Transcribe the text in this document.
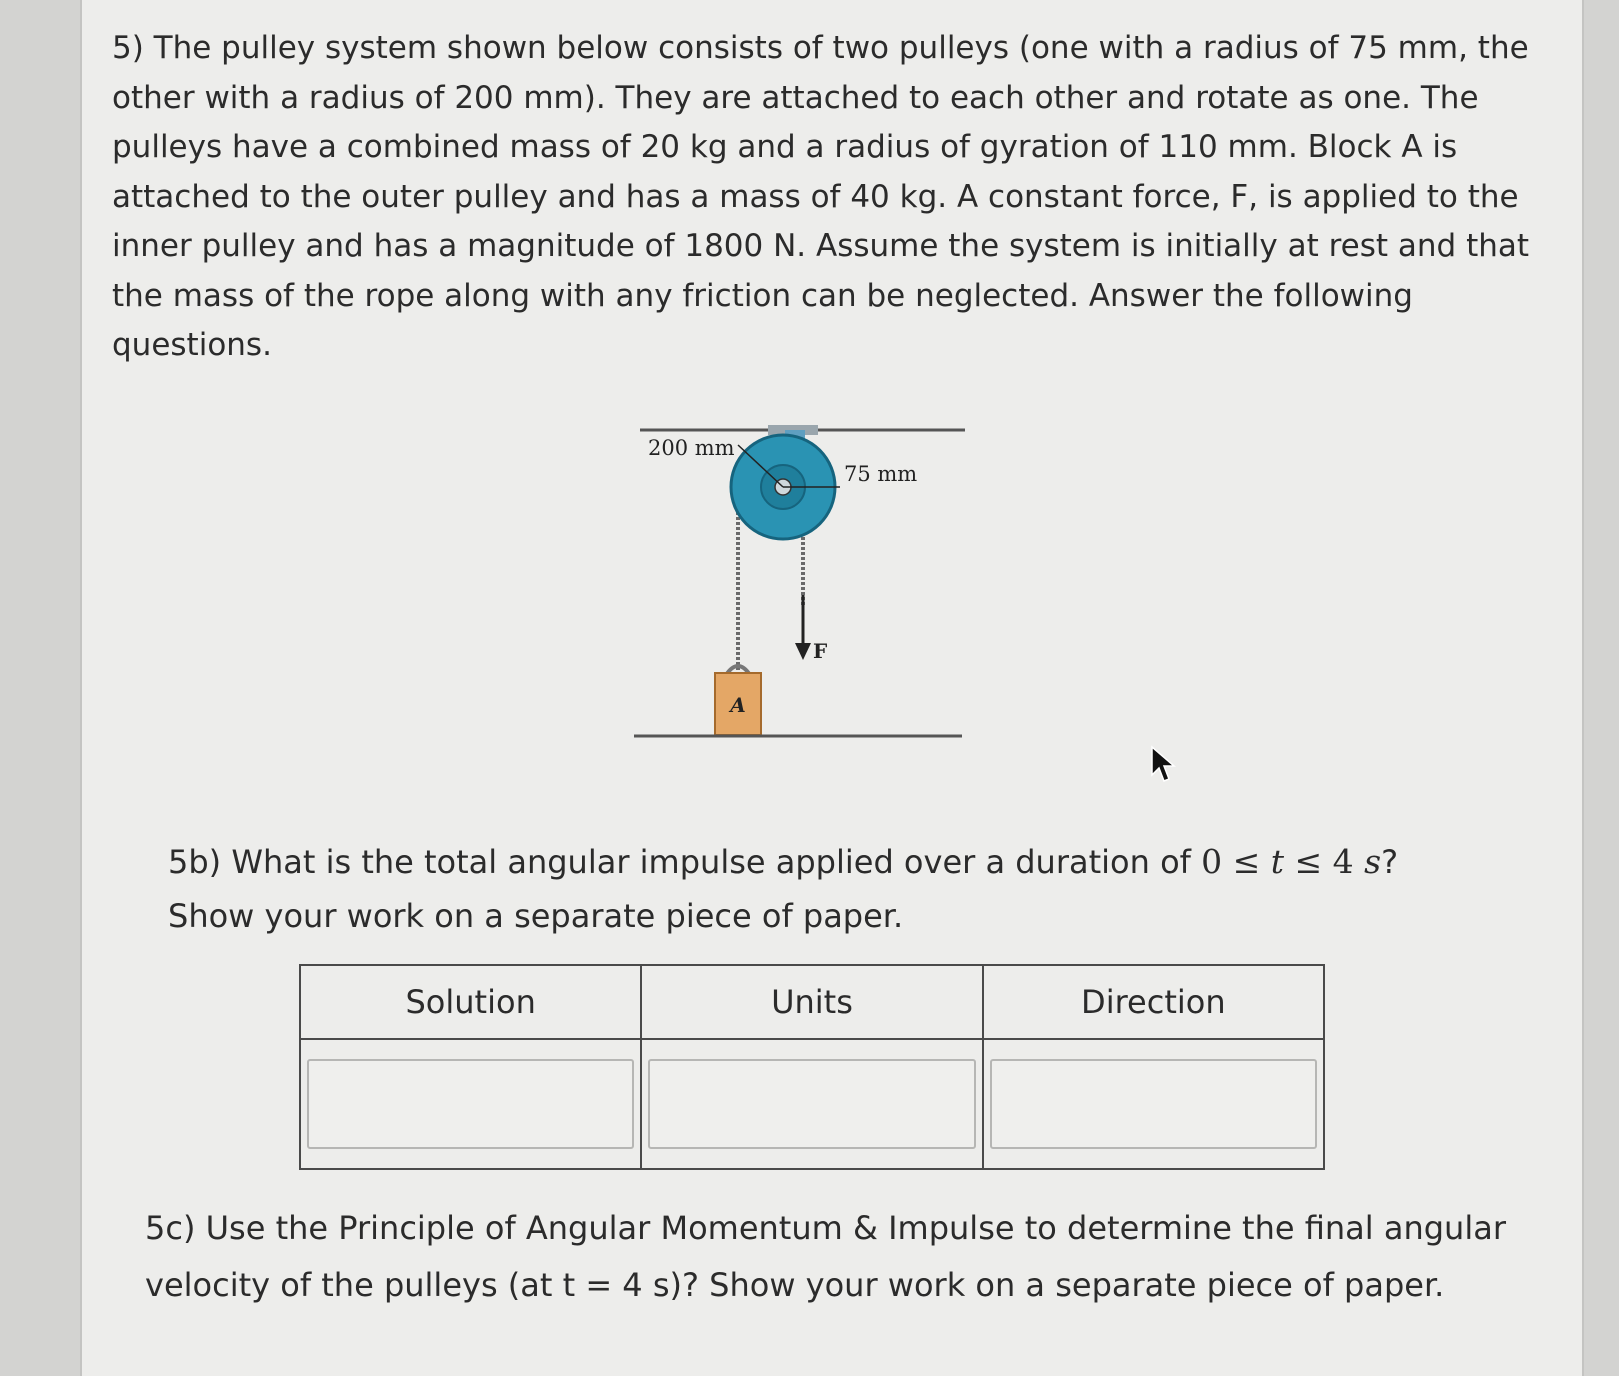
5) The pulley system shown below consists of two pulleys (one with a radius of 75 mm, the other with a radius of 200 mm). They are attached to each other and rotate as one. The pulleys have a combined mass of 20 kg and a radius of gyration of 110 mm. Block A is attached to the outer pulley and has a mass of 40 kg. A constant force, F, is applied to the inner pulley and has a magnitude of 1800 N. Assume the system is initially at rest and that the mass of the rope along with any friction can be neglected. Answer the following questions.

200 mm
75 mm
F
A

5b) What is the total angular impulse applied over a duration of 0 ≤ t ≤ 4 s?
Show your work on a separate piece of paper.

Solution	Units	Direction

5c) Use the Principle of Angular Momentum & Impulse to determine the final angular velocity of the pulleys (at t = 4 s)? Show your work on a separate piece of paper.
